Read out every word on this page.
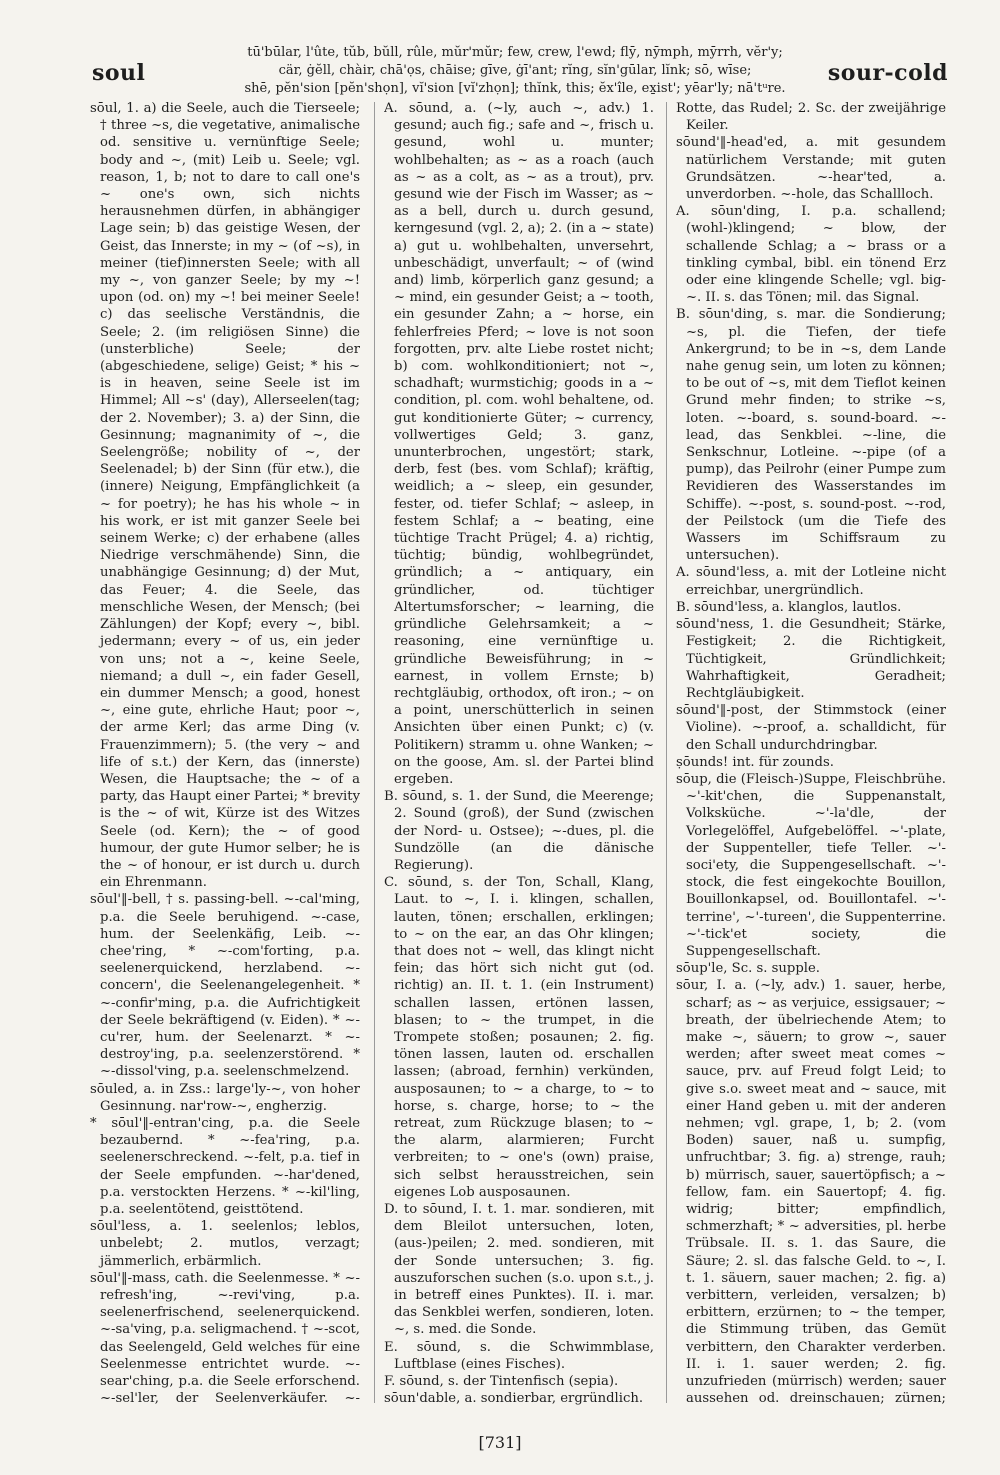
soul
tū'būlar, l'ûte, tŭb, bŭll, rûle, mŭr'mŭr; few, crew, l'ewd; flȳ, nȳmph, mȳrrh, vĕr'y;
cär, ġĕll, chàir, chā'ọs, chāise; gīve, ġī'ant; rĭng, sĭn'gūlar, lĭnk; sō, wīse;
shē, pĕn'sion [pĕn'shọn], vĭ'sion [vĭ'zhọn]; thĭnk, this; ĕx'île, ex̱ist'; yēar'ly; nā'tᵘre.
sour-cold

sōul, 1. a) die Seele, auch die Tierseele; † three ~s, die vegetative, animalische od. sensitive u. vernünftige Seele; body and ~, (mit) Leib u. Seele; vgl. reason, 1, b; not to dare to call one's ~ one's own, sich nichts herausnehmen dürfen, in abhängiger Lage sein; b) das geistige Wesen, der Geist, das Innerste; in my ~ (of ~s), in meiner (tief)innersten Seele; with all my ~, von ganzer Seele; by my ~! upon (od. on) my ~! bei meiner Seele! c) das seelische Verständnis, die Seele; 2. (im religiösen Sinne) die (unsterbliche) Seele; der (abgeschiedene, selige) Geist; * his ~ is in heaven, seine Seele ist im Himmel; All ~s' (day), Allerseelen(tag; der 2. November); 3. a) der Sinn, die Gesinnung; magnanimity of ~, die Seelengröße; nobility of ~, der Seelenadel; b) der Sinn (für etw.), die (innere) Neigung, Empfänglichkeit (a ~ for poetry); he has his whole ~ in his work, er ist mit ganzer Seele bei seinem Werke; c) der erhabene (alles Niedrige verschmähende) Sinn, die unabhängige Gesinnung; d) der Mut, das Feuer; 4. die Seele, das menschliche Wesen, der Mensch; (bei Zählungen) der Kopf; every ~, bibl. jedermann; every ~ of us, ein jeder von uns; not a ~, keine Seele, niemand; a dull ~, ein fader Gesell, ein dummer Mensch; a good, honest ~, eine gute, ehrliche Haut; poor ~, der arme Kerl; das arme Ding (v. Frauenzimmern); 5. (the very ~ and life of s.t.) der Kern, das (innerste) Wesen, die Hauptsache; the ~ of a party, das Haupt einer Partei; * brevity is the ~ of wit, Kürze ist des Witzes Seele (od. Kern); the ~ of good humour, der gute Humor selber; he is the ~ of honour, er ist durch u. durch ein Ehrenmann.

sōul'‖-bell, † s. passing-bell. ~-cal'ming, p.a. die Seele beruhigend. ~-case, hum. der Seelenkäfig, Leib. ~-chee'ring, * ~-com'forting, p.a. seelenerquickend, herzlabend. ~-concern', die Seelenangelegenheit. * ~-confir'ming, p.a. die Aufrichtigkeit der Seele bekräftigend (v. Eiden). * ~-cu'rer, hum. der Seelenarzt. * ~-destroy'ing, p.a. seelenzerstörend. * ~-dissol'ving, p.a. seelenschmelzend.

sōuled, a. in Zss.: large'ly-~, von hoher Gesinnung. nar'row-~, engherzig.

* sōul'‖-entran'cing, p.a. die Seele bezaubernd. * ~-fea'ring, p.a. seelenerschreckend. ~-felt, p.a. tief in der Seele empfunden. ~-har'dened, p.a. verstockten Herzens. * ~-kil'ling, p.a. seelentötend, geisttötend.

sōul'less, a. 1. seelenlos; leblos, unbelebt; 2. mutlos, verzagt; jämmerlich, erbärmlich.

sōul'‖-mass, cath. die Seelenmesse. * ~-refresh'ing, ~-revi'ving, p.a. seelenerfrischend, seelenerquickend. ~-sa'ving, p.a. seligmachend. † ~-scot, das Seelengeld, Geld welches für eine Seelenmesse entrichtet wurde. ~-sear'ching, p.a. die Seele erforschend. ~-sel'ler, der Seelenverkäufer. ~-

A. sōund, a. (~ly, auch ~, adv.) 1. gesund; auch fig.; safe and ~, frisch u. gesund, wohl u. munter; wohlbehalten; as ~ as a roach (auch as ~ as a colt, as ~ as a trout), prv. gesund wie der Fisch im Wasser; as ~ as a bell, durch u. durch gesund, kerngesund (vgl. 2, a); 2. (in a ~ state) a) gut u. wohlbehalten, unversehrt, unbeschädigt, unverfault; ~ of (wind and) limb, körperlich ganz gesund; a ~ mind, ein gesunder Geist; a ~ tooth, ein gesunder Zahn; a ~ horse, ein fehlerfreies Pferd; ~ love is not soon forgotten, prv. alte Liebe rostet nicht; b) com. wohlkonditioniert; not ~, schadhaft; wurmstichig; goods in a ~ condition, pl. com. wohl behaltene, od. gut konditionierte Güter; ~ currency, vollwertiges Geld; 3. ganz, ununterbrochen, ungestört; stark, derb, fest (bes. vom Schlaf); kräftig, weidlich; a ~ sleep, ein gesunder, fester, od. tiefer Schlaf; ~ asleep, in festem Schlaf; a ~ beating, eine tüchtige Tracht Prügel; 4. a) richtig, tüchtig; bündig, wohlbegründet, gründlich; a ~ antiquary, ein gründlicher, od. tüchtiger Altertumsforscher; ~ learning, die gründliche Gelehrsamkeit; a ~ reasoning, eine vernünftige u. gründliche Beweisführung; in ~ earnest, in vollem Ernste; b) rechtgläubig, orthodox, oft iron.; ~ on a point, unerschütterlich in seinen Ansichten über einen Punkt; c) (v. Politikern) stramm u. ohne Wanken; ~ on the goose, Am. sl. der Partei blind ergeben.

B. sōund, s. 1. der Sund, die Meerenge; 2. Sound (groß), der Sund (zwischen der Nord- u. Ostsee); ~-dues, pl. die Sundzölle (an die dänische Regierung).

C. sōund, s. der Ton, Schall, Klang, Laut. to ~, I. i. klingen, schallen, lauten, tönen; erschallen, erklingen; to ~ on the ear, an das Ohr klingen; that does not ~ well, das klingt nicht fein; das hört sich nicht gut (od. richtig) an. II. t. 1. (ein Instrument) schallen lassen, ertönen lassen, blasen; to ~ the trumpet, in die Trompete stoßen; posaunen; 2. fig. tönen lassen, lauten od. erschallen lassen; (abroad, fernhin) verkünden, ausposaunen; to ~ a charge, to ~ to horse, s. charge, horse; to ~ the retreat, zum Rückzuge blasen; to ~ the alarm, alarmieren; Furcht verbreiten; to ~ one's (own) praise, sich selbst herausstreichen, sein eigenes Lob ausposaunen.

D. to sōund, I. t. 1. mar. sondieren, mit dem Bleilot untersuchen, loten, (aus-)peilen; 2. med. sondieren, mit der Sonde untersuchen; 3. fig. auszuforschen suchen (s.o. upon s.t., j. in betreff eines Punktes). II. i. mar. das Senkblei werfen, sondieren, loten. ~, s. med. die Sonde.

E. sōund, s. die Schwimmblase, Luftblase (eines Fisches).

F. sōund, s. der Tintenfisch (sepia).

sōun'dable, a. sondierbar, ergründlich.

Rotte, das Rudel; 2. Sc. der zweijährige Keiler.

sōund'‖-head'ed, a. mit gesundem natürlichem Verstande; mit guten Grundsätzen. ~-hear'ted, a. unverdorben. ~-hole, das Schallloch.

A. sōun'ding, I. p.a. schallend; (wohl-)klingend; ~ blow, der schallende Schlag; a ~ brass or a tinkling cymbal, bibl. ein tönend Erz oder eine klingende Schelle; vgl. big-~. II. s. das Tönen; mil. das Signal.

B. sōun'ding, s. mar. die Sondierung; ~s, pl. die Tiefen, der tiefe Ankergrund; to be in ~s, dem Lande nahe genug sein, um loten zu können; to be out of ~s, mit dem Tieflot keinen Grund mehr finden; to strike ~s, loten. ~-board, s. sound-board. ~-lead, das Senkblei. ~-line, die Senkschnur, Lotleine. ~-pipe (of a pump), das Peilrohr (einer Pumpe zum Revidieren des Wasserstandes im Schiffe). ~-post, s. sound-post. ~-rod, der Peilstock (um die Tiefe des Wassers im Schiffsraum zu untersuchen).

A. sōund'less, a. mit der Lotleine nicht erreichbar, unergründlich.

B. sōund'less, a. klanglos, lautlos.

sōund'ness, 1. die Gesundheit; Stärke, Festigkeit; 2. die Richtigkeit, Tüchtigkeit, Gründlichkeit; Wahrhaftigkeit, Geradheit; Rechtgläubigkeit.

sōund'‖-post, der Stimmstock (einer Violine). ~-proof, a. schalldicht, für den Schall undurchdringbar.

ṣōunds! int. für zounds.

sōup, die (Fleisch-)Suppe, Fleischbrühe. ~'-kit'chen, die Suppenanstalt, Volksküche. ~'-la'dle, der Vorlegelöffel, Aufgebelöffel. ~'-plate, der Suppenteller, tiefe Teller. ~'-soci'ety, die Suppengesellschaft. ~'-stock, die fest eingekochte Bouillon, Bouillonkapsel, od. Bouillontafel. ~'-terrine', ~'-tureen', die Suppenterrine. ~'-tick'et society, die Suppengesellschaft.

sōup'le, Sc. s. supple.

sōur, I. a. (~ly, adv.) 1. sauer, herbe, scharf; as ~ as verjuice, essigsauer; ~ breath, der übelriechende Atem; to make ~, säuern; to grow ~, sauer werden; after sweet meat comes ~ sauce, prv. auf Freud folgt Leid; to give s.o. sweet meat and ~ sauce, mit einer Hand geben u. mit der anderen nehmen; vgl. grape, 1, b; 2. (vom Boden) sauer, naß u. sumpfig, unfruchtbar; 3. fig. a) strenge, rauh; b) mürrisch, sauer, sauertöpfisch; a ~ fellow, fam. ein Sauertopf; 4. fig. widrig; bitter; empfindlich, schmerzhaft; * ~ adversities, pl. herbe Trübsale. II. s. 1. das Saure, die Säure; 2. sl. das falsche Geld. to ~, I. t. 1. säuern, sauer machen; 2. fig. a) verbittern, verleiden, versalzen; b) erbittern, erzürnen; to ~ the temper, die Stimmung trüben, das Gemüt verbittern, den Charakter verderben. II. i. 1. sauer werden; 2. fig. unzufrieden (mürrisch) werden; sauer aussehen od. dreinschauen; zürnen;

[731]
